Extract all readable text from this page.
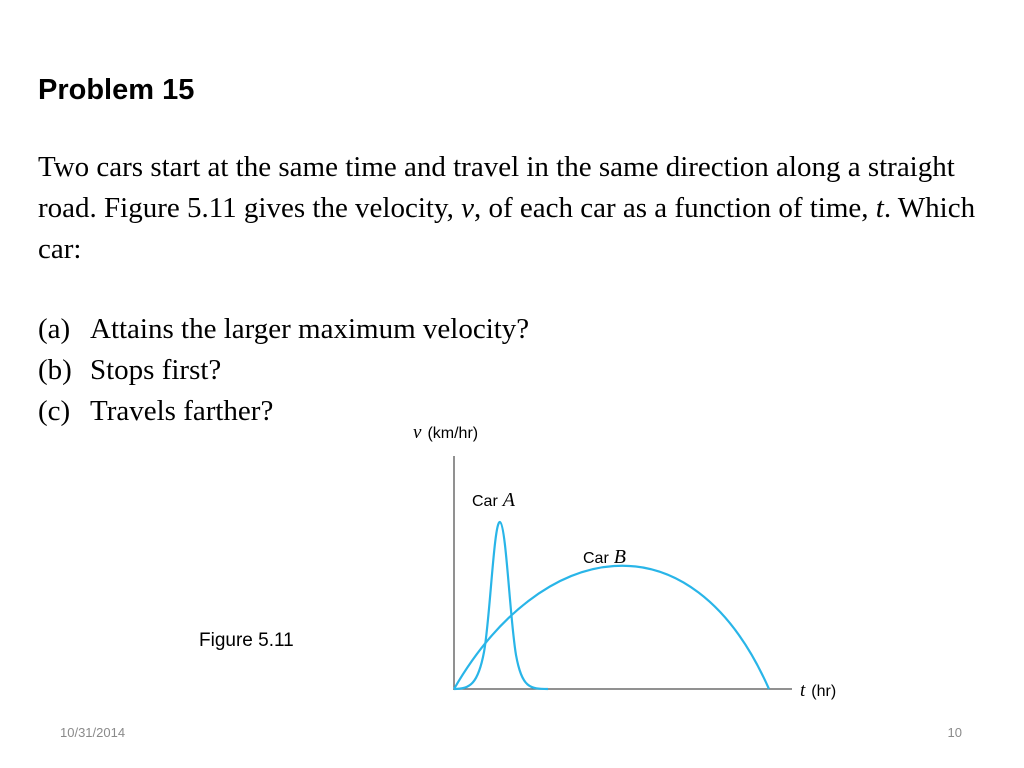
Problem 15

Two cars start at the same time and travel in the same direction along a straight road. Figure 5.11 gives the velocity, v, of each car as a function of time, t. Which car:

(a) Attains the larger maximum velocity?
(b) Stops first?
(c) Travels farther?
v (km/hr)
t (hr)
Car A
Car B
Figure 5.11
10/31/2014	10
